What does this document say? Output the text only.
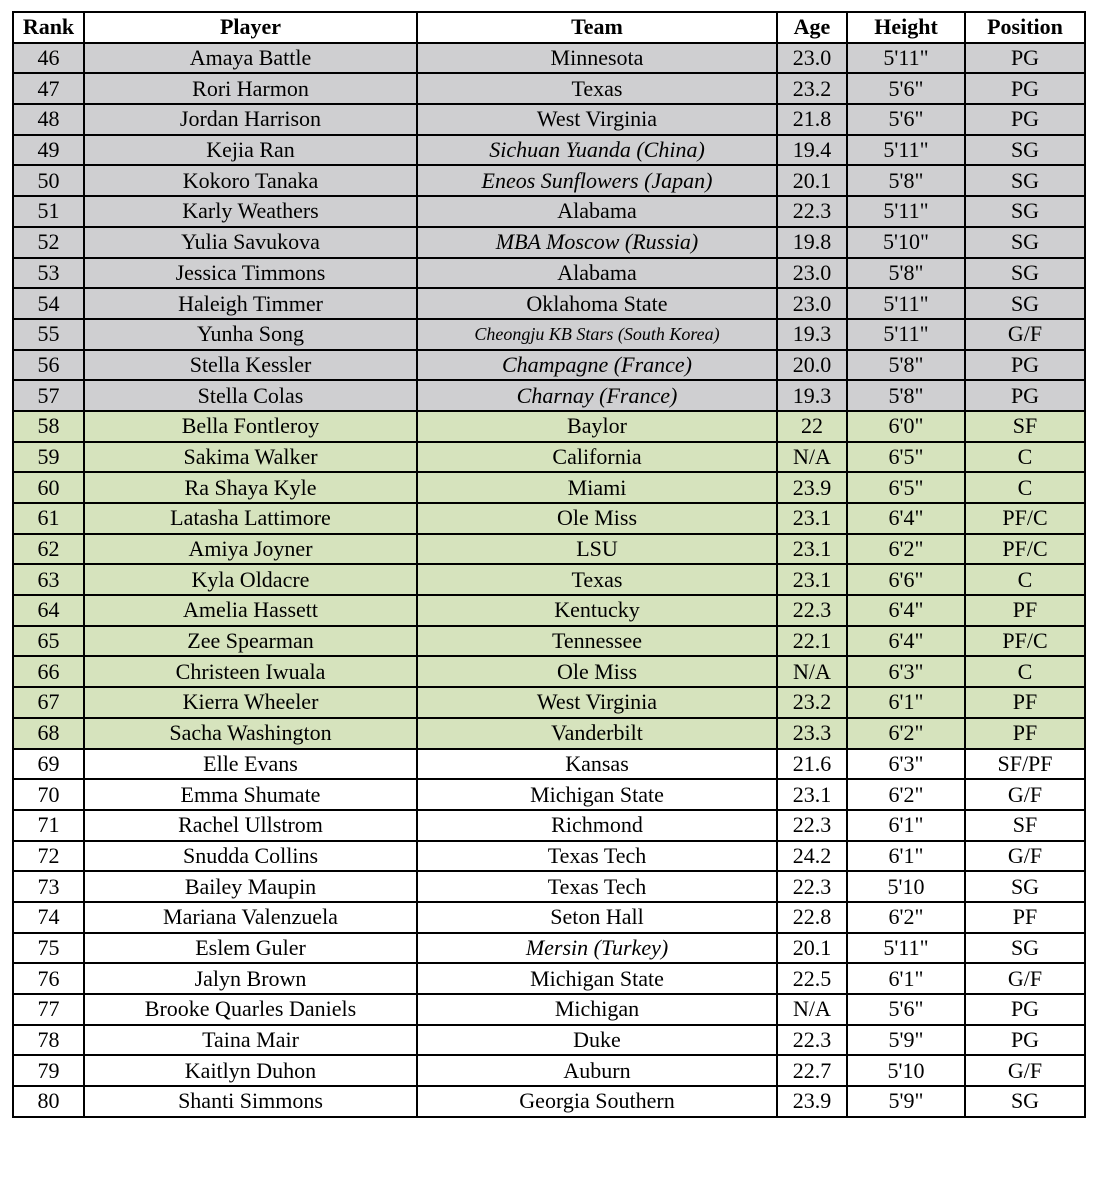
Rank	Player	Team	Age	Height	Position
46	Amaya Battle	Minnesota	23.0	5'11"	PG
47	Rori Harmon	Texas	23.2	5'6"	PG
48	Jordan Harrison	West Virginia	21.8	5'6"	PG
49	Kejia Ran	Sichuan Yuanda (China)	19.4	5'11"	SG
50	Kokoro Tanaka	Eneos Sunflowers (Japan)	20.1	5'8"	SG
51	Karly Weathers	Alabama	22.3	5'11"	SG
52	Yulia Savukova	MBA Moscow (Russia)	19.8	5'10"	SG
53	Jessica Timmons	Alabama	23.0	5'8"	SG
54	Haleigh Timmer	Oklahoma State	23.0	5'11"	SG
55	Yunha Song	Cheongju KB Stars (South Korea)	19.3	5'11"	G/F
56	Stella Kessler	Champagne (France)	20.0	5'8"	PG
57	Stella Colas	Charnay (France)	19.3	5'8"	PG
58	Bella Fontleroy	Baylor	22	6'0"	SF
59	Sakima Walker	California	N/A	6'5"	C
60	Ra Shaya Kyle	Miami	23.9	6'5"	C
61	Latasha Lattimore	Ole Miss	23.1	6'4"	PF/C
62	Amiya Joyner	LSU	23.1	6'2"	PF/C
63	Kyla Oldacre	Texas	23.1	6'6"	C
64	Amelia Hassett	Kentucky	22.3	6'4"	PF
65	Zee Spearman	Tennessee	22.1	6'4"	PF/C
66	Christeen Iwuala	Ole Miss	N/A	6'3"	C
67	Kierra Wheeler	West Virginia	23.2	6'1"	PF
68	Sacha Washington	Vanderbilt	23.3	6'2"	PF
69	Elle Evans	Kansas	21.6	6'3"	SF/PF
70	Emma Shumate	Michigan State	23.1	6'2"	G/F
71	Rachel Ullstrom	Richmond	22.3	6'1"	SF
72	Snudda Collins	Texas Tech	24.2	6'1"	G/F
73	Bailey Maupin	Texas Tech	22.3	5'10	SG
74	Mariana Valenzuela	Seton Hall	22.8	6'2"	PF
75	Eslem Guler	Mersin (Turkey)	20.1	5'11"	SG
76	Jalyn Brown	Michigan State	22.5	6'1"	G/F
77	Brooke Quarles Daniels	Michigan	N/A	5'6"	PG
78	Taina Mair	Duke	22.3	5'9"	PG
79	Kaitlyn Duhon	Auburn	22.7	5'10	G/F
80	Shanti Simmons	Georgia Southern	23.9	5'9"	SG
